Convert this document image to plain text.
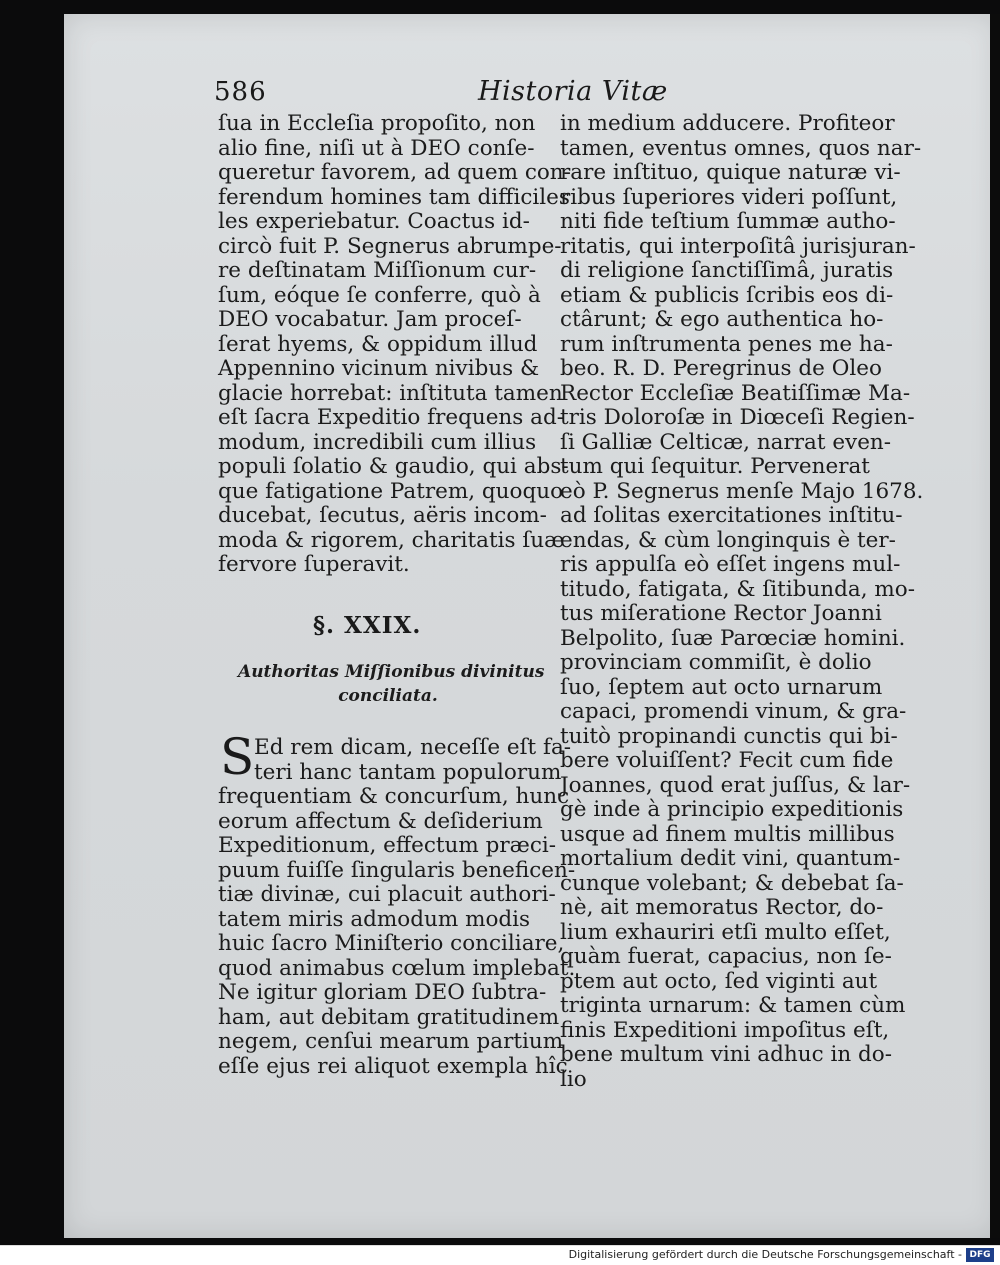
586	Historia Vitæ
ſua in Eccleſia propoſito, non
alio fine, niſi ut à DEO conſe-
queretur favorem, ad quem con-
ferendum homines tam difficiles
les experiebatur. Coactus id-
circò fuit P. Segnerus abrumpe-
re deſtinatam Miſſionum cur-
ſum, eóque ſe conferre, quò à
DEO vocabatur. Jam proceſ-
ſerat hyems, & oppidum illud
Appennino vicinum nivibus &
glacie horrebat: inſtituta tamen
eſt ſacra Expeditio frequens ad-
modum, incredibili cum illius
populi ſolatio & gaudio, qui abs-
que fatigatione Patrem, quoquo
ducebat, ſecutus, aëris incom-
moda & rigorem, charitatis ſuæ
fervore ſuperavit.
§. XXIX.
Authoritas Miſſionibus divinitus
conciliata.
S Ed rem dicam, neceſſe eſt fa-
teri hanc tantam populorum
frequentiam & concurſum, hunc
eorum affectum & deſiderium
Expeditionum, effectum præci-
puum fuiſſe ſingularis beneficen-
tiæ divinæ, cui placuit authori-
tatem miris admodum modis
huic ſacro Miniſterio conciliare,
quod animabus cœlum implebat.
Ne igitur gloriam DEO ſubtra-
ham, aut debitam gratitudinem
negem, cenſui mearum partium
eſſe ejus rei aliquot exempla hîc
in medium adducere. Profiteor
tamen, eventus omnes, quos nar-
rare inſtituo, quique naturæ vi-
ribus ſuperiores videri poſſunt,
niti fide teſtium ſummæ autho-
ritatis, qui interpoſitâ jurisjuran-
di religione ſanctiſſimâ, juratis
etiam & publicis ſcribis eos di-
ctârunt; & ego authentica ho-
rum inſtrumenta penes me ha-
beo. R. D. Peregrinus de Oleo
Rector Eccleſiæ Beatiſſimæ Ma-
tris Doloroſæ in Diœceſi Regien-
ſi Galliæ Celticæ, narrat even-
tum qui ſequitur. Pervenerat
eò P. Segnerus menſe Majo 1678.
ad ſolitas exercitationes inſtitu-
endas, & cùm longinquis è ter-
ris appulſa eò eſſet ingens mul-
titudo, fatigata, & ſitibunda, mo-
tus miſeratione Rector Joanni
Belpolito, ſuæ Parœciæ homini.
provinciam commiſit, è dolio
ſuo, ſeptem aut octo urnarum
capaci, promendi vinum, & gra-
tuitò propinandi cunctis qui bi-
bere voluiſſent? Fecit cum fide
Joannes, quod erat juſſus, & lar-
gè inde à principio expeditionis
usque ad finem multis millibus
mortalium dedit vini, quantum-
cunque volebant; & debebat ſa-
nè, ait memoratus Rector, do-
lium exhauriri etſi multo eſſet,
quàm fuerat, capacius, non ſe-
ptem aut octo, ſed viginti aut
triginta urnarum: & tamen cùm
finis Expeditioni impoſitus eſt,
bene multum vini adhuc in do-
lio
Digitalisierung gefördert durch die Deutsche Forschungsgemeinschaft - DFG
